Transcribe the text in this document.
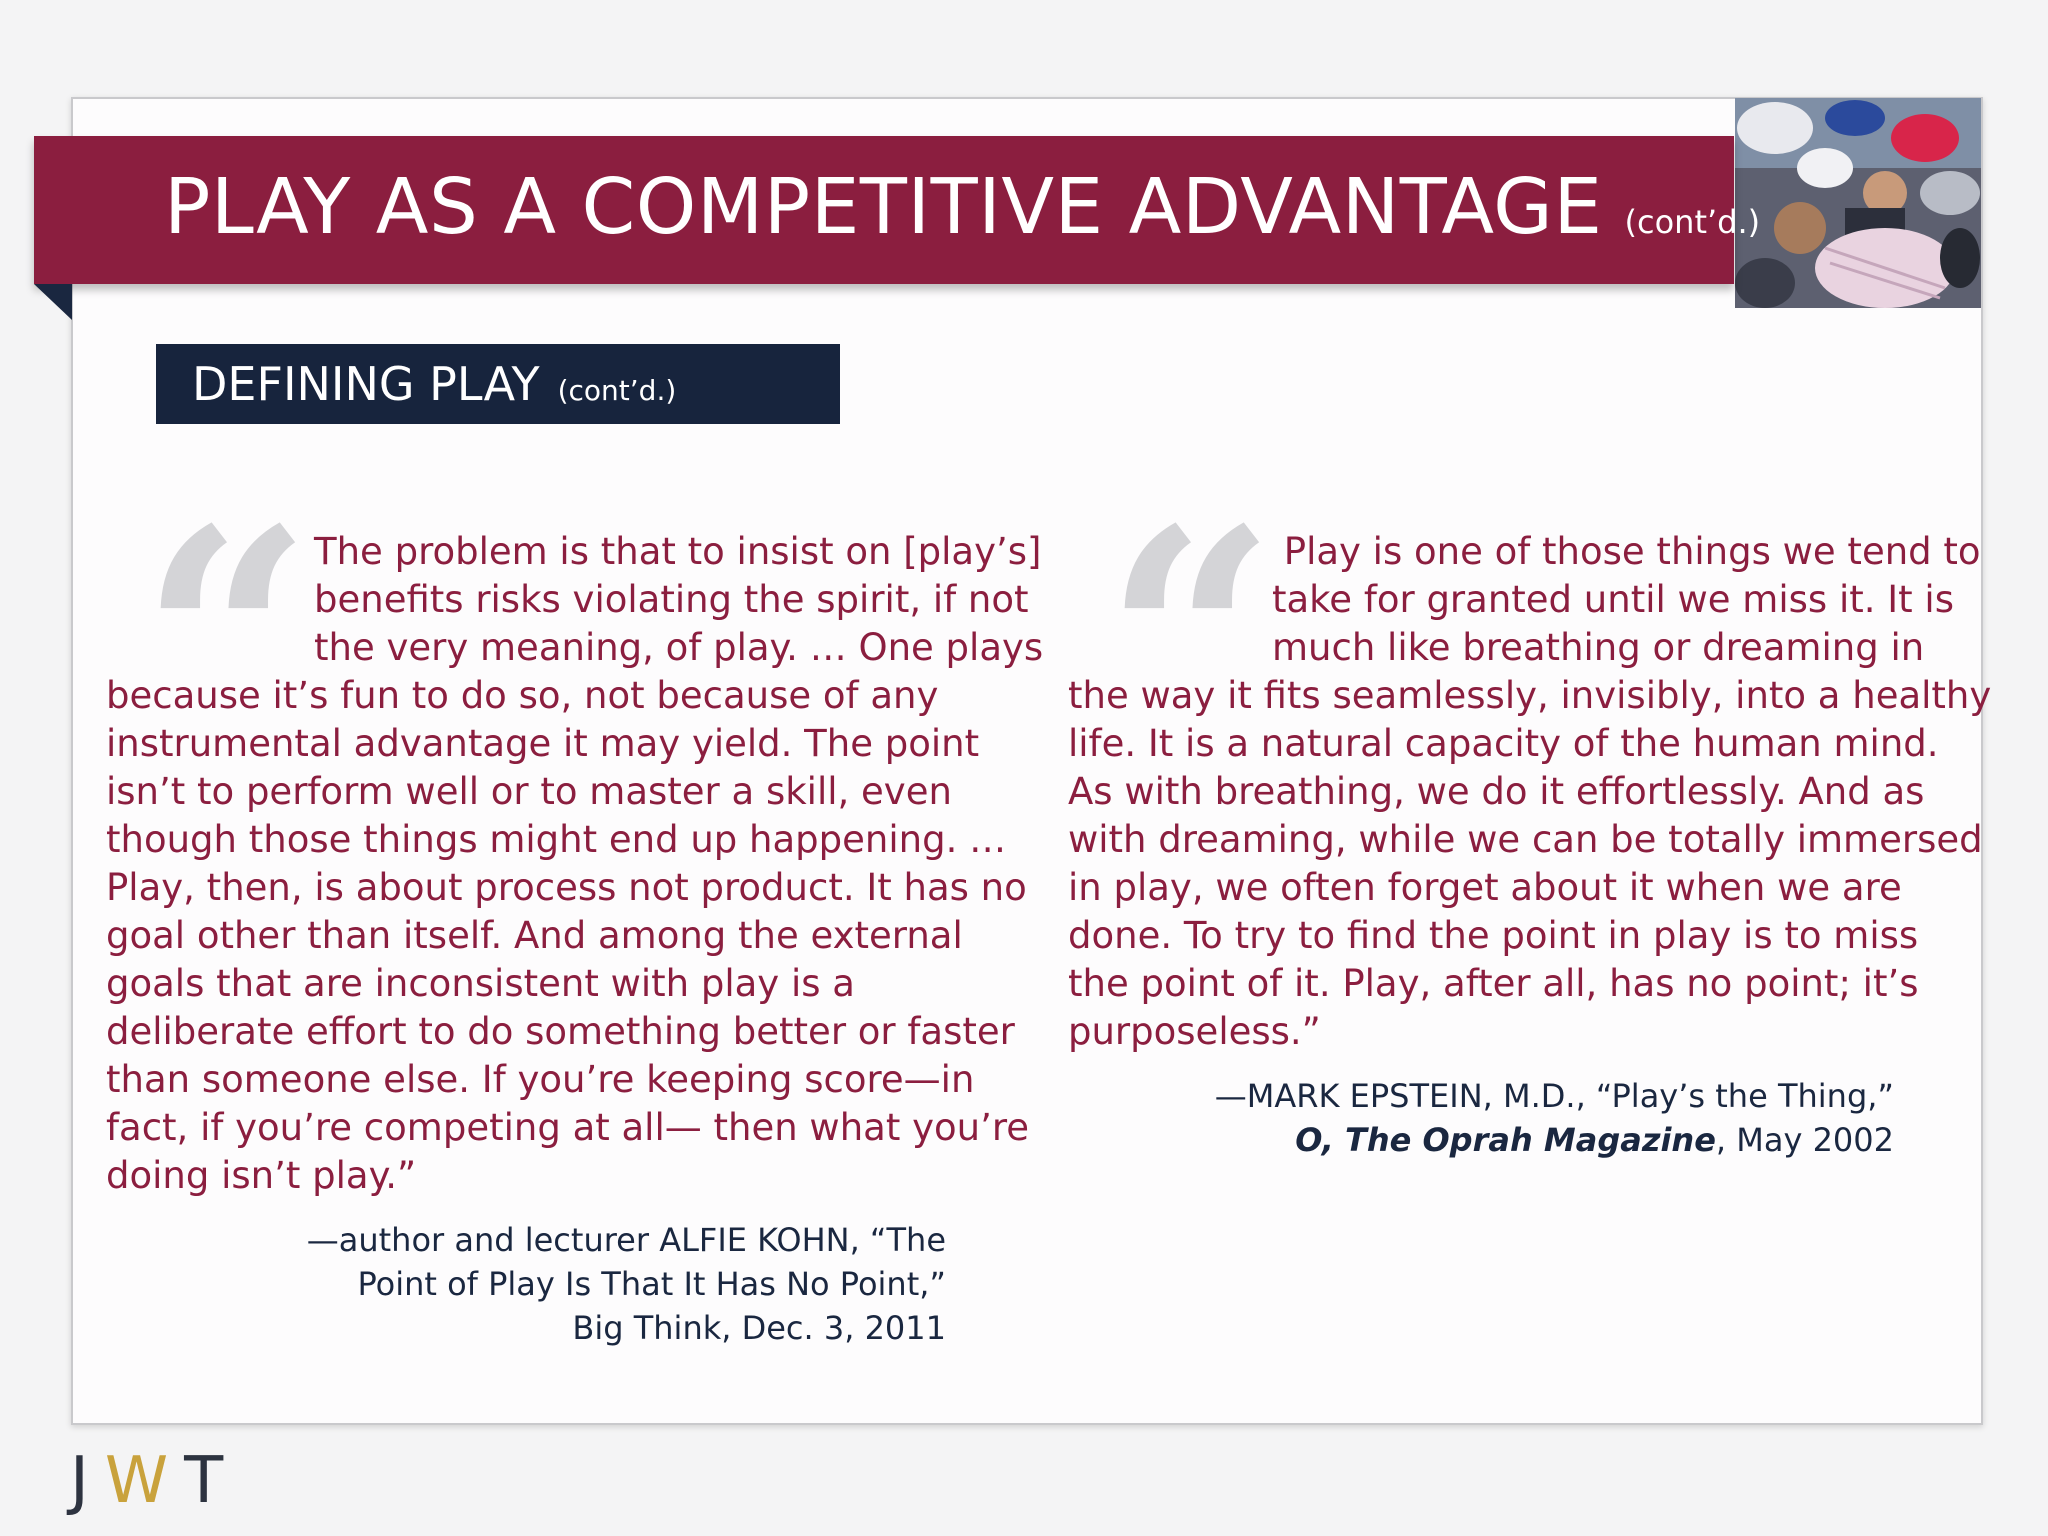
PLAY AS A COMPETITIVE ADVANTAGE (cont’d.)
DEFINING PLAY (cont’d.)
“ The problem is that to insist on [play’s]
benefits risks violating the spirit, if not
the very meaning, of play. … One plays
because it’s fun to do so, not because of any
instrumental advantage it may yield. The point
isn’t to perform well or to master a skill, even
though those things might end up happening. …
Play, then, is about process not product. It has no
goal other than itself. And among the external
goals that are inconsistent with play is a
deliberate effort to do something better or faster
than someone else. If you’re keeping score—in
fact, if you’re competing at all— then what you’re
doing isn’t play.”
—author and lecturer ALFIE KOHN, “The
Point of Play Is That It Has No Point,”
Big Think, Dec. 3, 2011
“
Play is one of those things we tend to
take for granted until we miss it. It is
much like breathing or dreaming in
the way it fits seamlessly, invisibly, into a healthy
life. It is a natural capacity of the human mind.
As with breathing, we do it effortlessly. And as
with dreaming, while we can be totally immersed
in play, we often forget about it when we are
done. To try to find the point in play is to miss
the point of it. Play, after all, has no point; it’s
purposeless.”
—MARK EPSTEIN, M.D., “Play’s the Thing,”
O, The Oprah Magazine, May 2002
JWT
